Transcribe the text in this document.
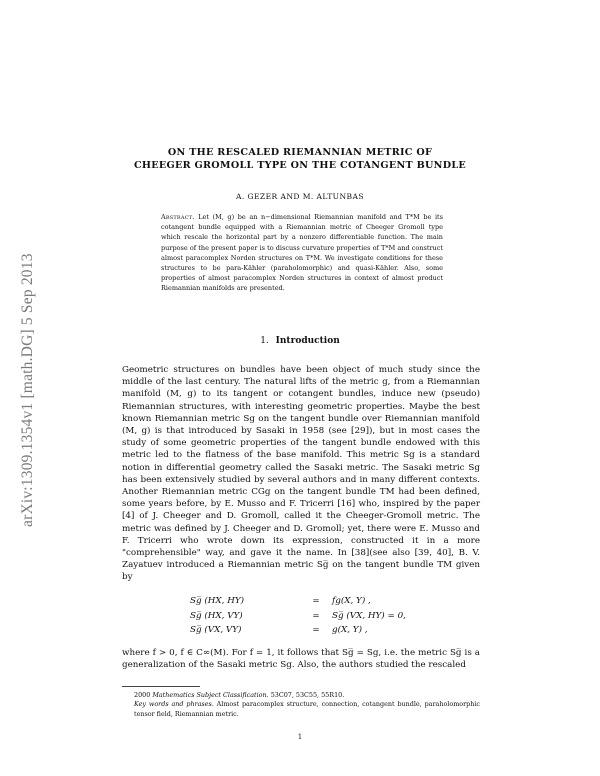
arXiv:1309.1354v1 [math.DG] 5 Sep 2013
ON THE RESCALED RIEMANNIAN METRIC OF
CHEEGER GROMOLL TYPE ON THE COTANGENT BUNDLE
A. GEZER AND M. ALTUNBAS
Abstract. Let (M, g) be an n−dimensional Riemannian manifold and T*M be its cotangent bundle equipped with a Riemannian metric of Cheeger Gromoll type which rescale the horizontal part by a nonzero differentiable function. The main purpose of the present paper is to discuss curvature properties of T*M and construct almost paracomplex Norden structures on T*M. We investigate conditions for these structures to be para-Kähler (paraholomorphic) and quasi-Kähler. Also, some properties of almost paracomplex Norden structures in context of almost product Riemannian manifolds are presented.
1. Introduction
Geometric structures on bundles have been object of much study since the middle of the last century. The natural lifts of the metric g, from a Riemannian manifold (M, g) to its tangent or cotangent bundles, induce new (pseudo) Riemannian structures, with interesting geometric properties. Maybe the best known Riemannian metric Sg on the tangent bundle over Riemannian manifold (M, g) is that introduced by Sasaki in 1958 (see [29]), but in most cases the study of some geometric properties of the tangent bundle endowed with this metric led to the flatness of the base manifold. This metric Sg is a standard notion in differential geometry called the Sasaki metric. The Sasaki metric Sg has been extensively studied by several authors and in many different contexts. Another Riemannian metric CGg on the tangent bundle TM had been defined, some years before, by E. Musso and F. Tricerri [16] who, inspired by the paper [4] of J. Cheeger and D. Gromoll, called it the Cheeger-Gromoll metric. The metric was defined by J. Cheeger and D. Gromoll; yet, there were E. Musso and F. Tricerri who wrote down its expression, constructed it in a more "comprehensible" way, and gave it the name. In [38](see also [39, 40], B. V. Zayatuev introduced a Riemannian metric Sg̅ on the tangent bundle TM given by
Sg̅ (HX, HY)	=	fg(X, Y) ,
Sg̅ (HX, VY)	=	Sg̅ (VX, HY) = 0,
Sg̅ (VX, VY)	=	g(X, Y) ,
where f > 0, f ∈ C∞(M). For f = 1, it follows that Sg̅ = Sg, i.e. the metric Sg̅ is a generalization of the Sasaki metric Sg. Also, the authors studied the rescaled
2000 Mathematics Subject Classification. 53C07, 53C55, 55R10.
Key words and phrases. Almost paracomplex structure, connection, cotangent bundle, paraholomorphic tensor field, Riemannian metric.
1
